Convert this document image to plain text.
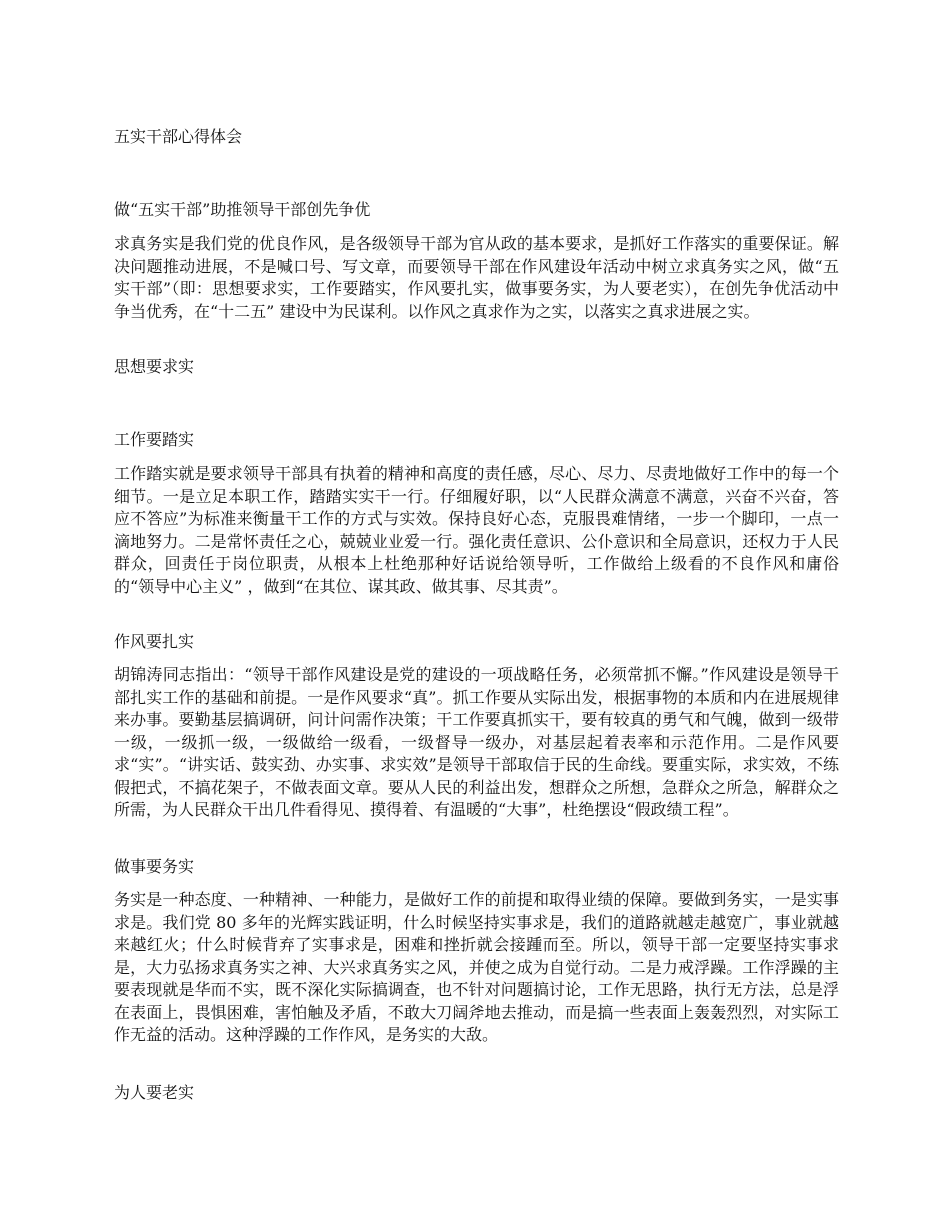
五实干部心得体会
做“五实干部”助推领导干部创先争优
求真务实是我们党的优良作风，是各级领导干部为官从政的基本要求，是抓好工作落实的重要保证。解决问题推动进展，不是喊口号、写文章，而要领导干部在作风建设年活动中树立求真务实之风，做“五实干部”（即：思想要求实，工作要踏实，作风要扎实，做事要务实，为人要老实），在创先争优活动中争当优秀，在“十二五” 建设中为民谋利。以作风之真求作为之实，以落实之真求进展之实。
思想要求实
工作要踏实
工作踏实就是要求领导干部具有执着的精神和高度的责任感，尽心、尽力、尽责地做好工作中的每一个细节。一是立足本职工作，踏踏实实干一行。仔细履好职，以“人民群众满意不满意，兴奋不兴奋，答应不答应”为标准来衡量干工作的方式与实效。保持良好心态，克服畏难情绪，一步一个脚印，一点一滴地努力。二是常怀责任之心，兢兢业业爱一行。强化责任意识、公仆意识和全局意识，还权力于人民群众，回责任于岗位职责，从根本上杜绝那种好话说给领导听，工作做给上级看的不良作风和庸俗的“领导中心主义” ，做到“在其位、谋其政、做其事、尽其责”。
作风要扎实
胡锦涛同志指出：“领导干部作风建设是党的建设的一项战略任务，必须常抓不懈。”作风建设是领导干部扎实工作的基础和前提。一是作风要求“真”。抓工作要从实际出发，根据事物的本质和内在进展规律来办事。要勤基层搞调研，问计问需作决策；干工作要真抓实干，要有较真的勇气和气魄，做到一级带一级，一级抓一级，一级做给一级看，一级督导一级办，对基层起着表率和示范作用。二是作风要求“实”。“讲实话、鼓实劲、办实事、求实效”是领导干部取信于民的生命线。要重实际，求实效，不练假把式，不搞花架子，不做表面文章。要从人民的利益出发，想群众之所想，急群众之所急，解群众之所需，为人民群众干出几件看得见、摸得着、有温暖的“大事”，杜绝摆设“假政绩工程”。
做事要务实
务实是一种态度、一种精神、一种能力，是做好工作的前提和取得业绩的保障。要做到务实，一是实事求是。我们党 80 多年的光辉实践证明，什么时候坚持实事求是，我们的道路就越走越宽广，事业就越来越红火；什么时候背弃了实事求是，困难和挫折就会接踵而至。所以，领导干部一定要坚持实事求是，大力弘扬求真务实之神、大兴求真务实之风，并使之成为自觉行动。二是力戒浮躁。工作浮躁的主要表现就是华而不实，既不深化实际搞调查，也不针对问题搞讨论，工作无思路，执行无方法，总是浮在表面上，畏惧困难，害怕触及矛盾，不敢大刀阔斧地去推动，而是搞一些表面上轰轰烈烈，对实际工作无益的活动。这种浮躁的工作作风，是务实的大敌。
为人要老实
